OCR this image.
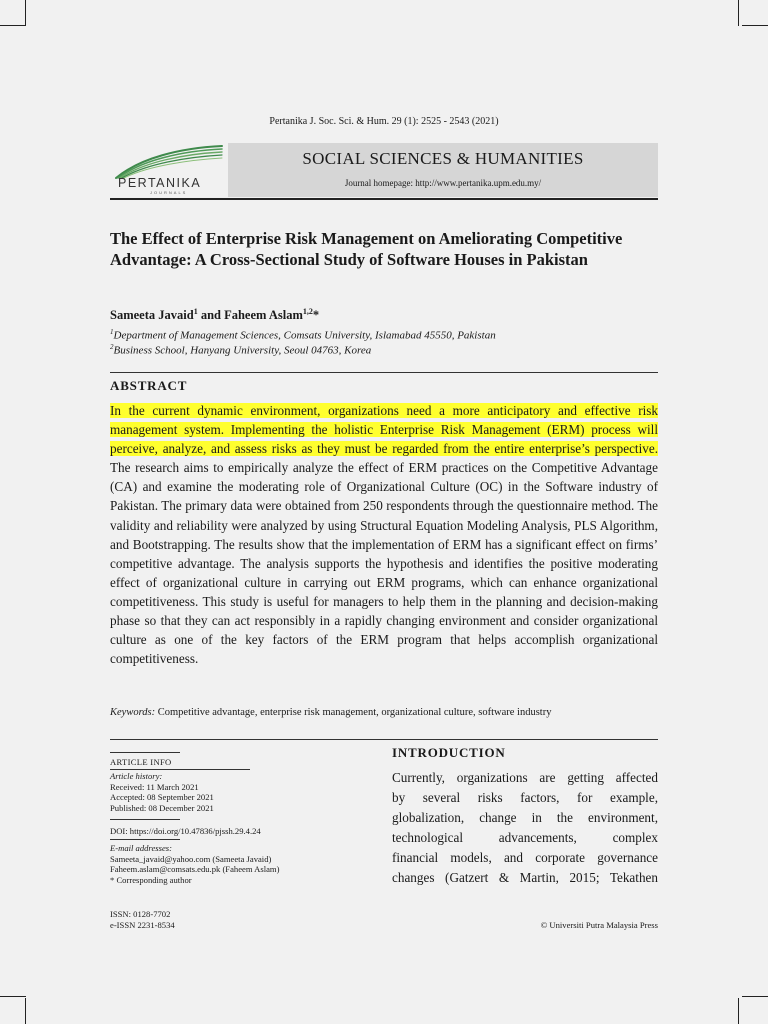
Pertanika J. Soc. Sci. & Hum. 29 (1): 2525 - 2543 (2021)
PERTANIKA
JOURNALS
SOCIAL SCIENCES & HUMANITIES
Journal homepage: http://www.pertanika.upm.edu.my/
The Effect of Enterprise Risk Management on Ameliorating Competitive Advantage: A Cross-Sectional Study of Software Houses in Pakistan
Sameeta Javaid$^1$ and Faheem Aslam$^{1,2}$*
$^1$Department of Management Sciences, Comsats University, Islamabad 45550, Pakistan
$^2$Business School, Hanyang University, Seoul 04763, Korea
ABSTRACT
In the current dynamic environment, organizations need a more anticipatory and effective risk management system. Implementing the holistic Enterprise Risk Management (ERM) process will perceive, analyze, and assess risks as they must be regarded from the entire enterprise’s perspective. The research aims to empirically analyze the effect of ERM practices on the Competitive Advantage (CA) and examine the moderating role of Organizational Culture (OC) in the Software industry of Pakistan. The primary data were obtained from 250 respondents through the questionnaire method. The validity and reliability were analyzed by using Structural Equation Modeling Analysis, PLS Algorithm, and Bootstrapping. The results show that the implementation of ERM has a significant effect on firms’ competitive advantage. The analysis supports the hypothesis and identifies the positive moderating effect of organizational culture in carrying out ERM programs, which can enhance organizational competitiveness. This study is useful for managers to help them in the planning and decision-making phase so that they can act responsibly in a rapidly changing environment and consider organizational culture as one of the key factors of the ERM program that helps accomplish organizational competitiveness.
Keywords: Competitive advantage, enterprise risk management, organizational culture, software industry
ARTICLE INFO
Article history:
Received: 11 March 2021
Accepted: 08 September 2021
Published: 08 December 2021
DOI: https://doi.org/10.47836/pjssh.29.4.24
E-mail addresses:
Sameeta_javaid@yahoo.com (Sameeta Javaid)
Faheem.aslam@comsats.edu.pk (Faheem Aslam)
* Corresponding author
INTRODUCTION
Currently, organizations are getting affected
by several risks factors, for example,
globalization, change in the environment,
technological advancements, complex
financial models, and corporate governance
changes (Gatzert & Martin, 2015; Tekathen
ISSN: 0128-7702
e-ISSN 2231-8534	© Universiti Putra Malaysia Press
